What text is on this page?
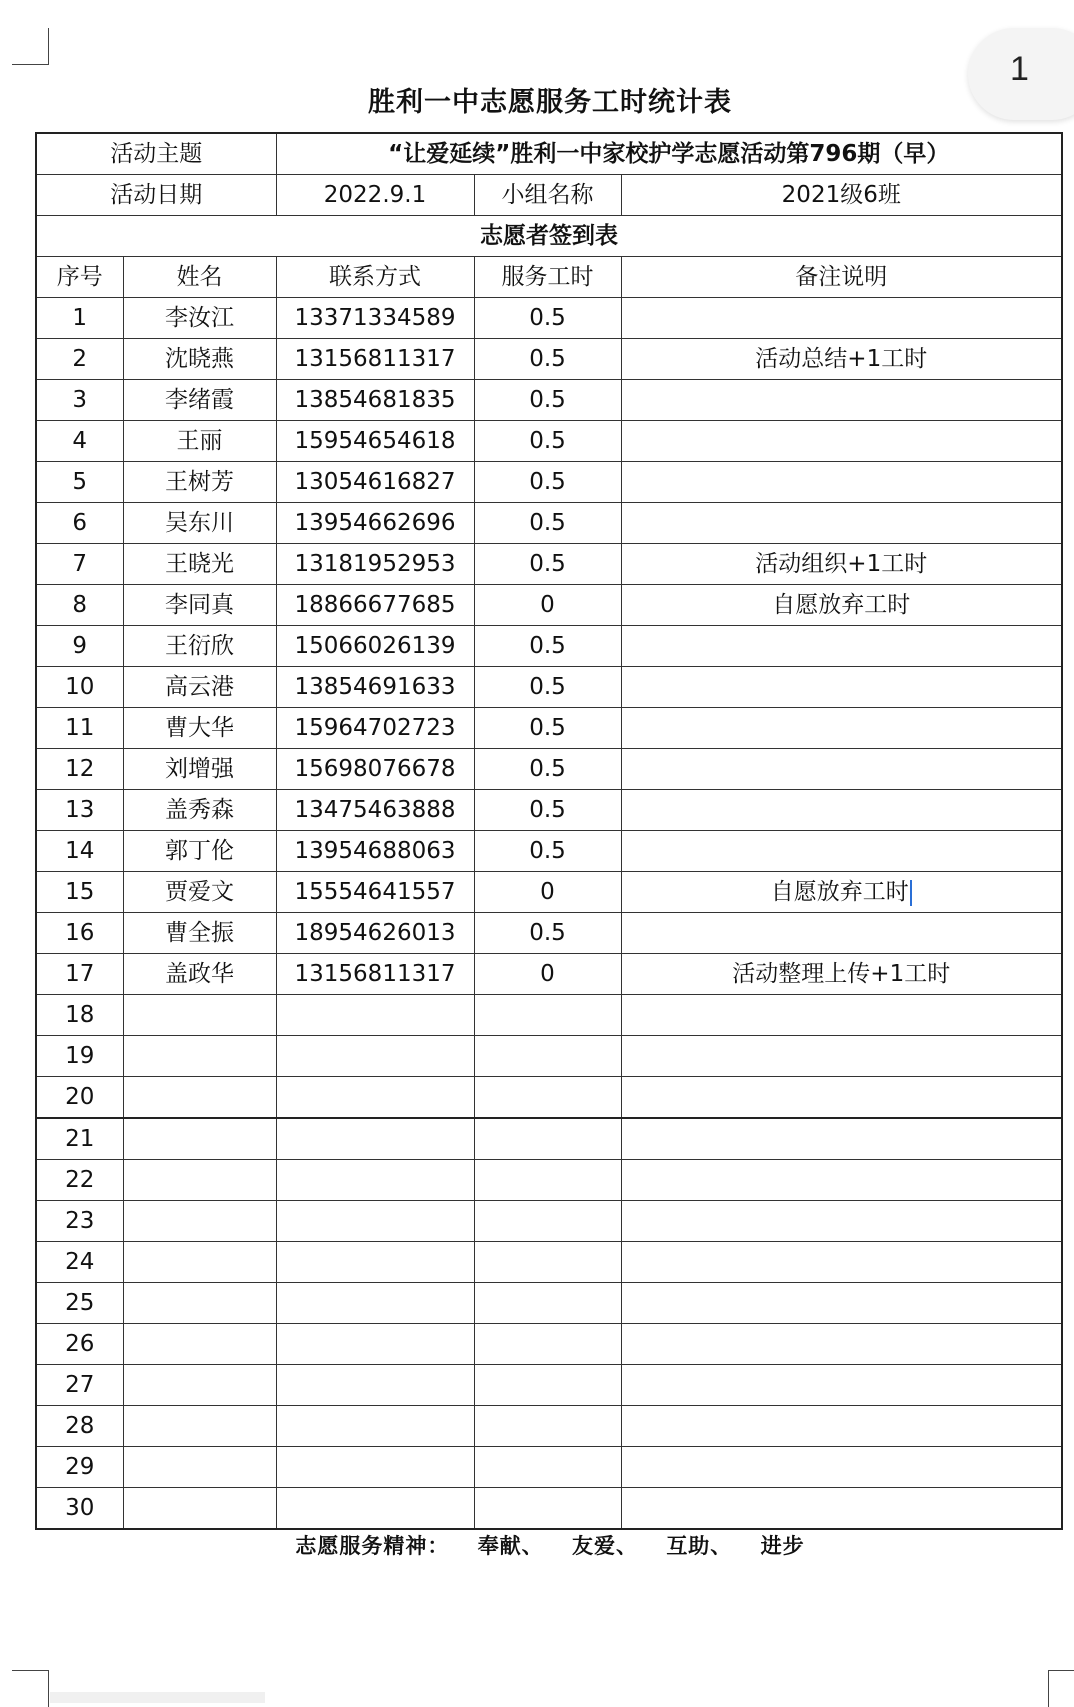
1
胜利一中志愿服务工时统计表
活动主题		“让爱延续”胜利一中家校护学志愿活动第796期（早）		
活动日期		2022.9.1	小组名称	2021级6班
志愿者签到表				
序号	姓名	联系方式	服务工时	备注说明
1	李汝江	13371334589	0.5	
2	沈晓燕	13156811317	0.5	活动总结+1工时
3	李绪霞	13854681835	0.5	
4	王丽	15954654618	0.5	
5	王树芳	13054616827	0.5	
6	吴东川	13954662696	0.5	
7	王晓光	13181952953	0.5	活动组织+1工时
8	李同真	18866677685	0	自愿放弃工时
9	王衍欣	15066026139	0.5	
10	高云港	13854691633	0.5	
11	曹大华	15964702723	0.5	
12	刘增强	15698076678	0.5	
13	盖秀森	13475463888	0.5	
14	郭丁伦	13954688063	0.5	
15	贾爱文	15554641557	0	自愿放弃工时
16	曹全振	18954626013	0.5	
17	盖政华	13156811317	0	活动整理上传+1工时
18				
19				
20				
21				
22				
23				
24				
25				
26				
27				
28				
29				
30				
志愿服务精神： 奉献、 友爱、 互助、 进步
